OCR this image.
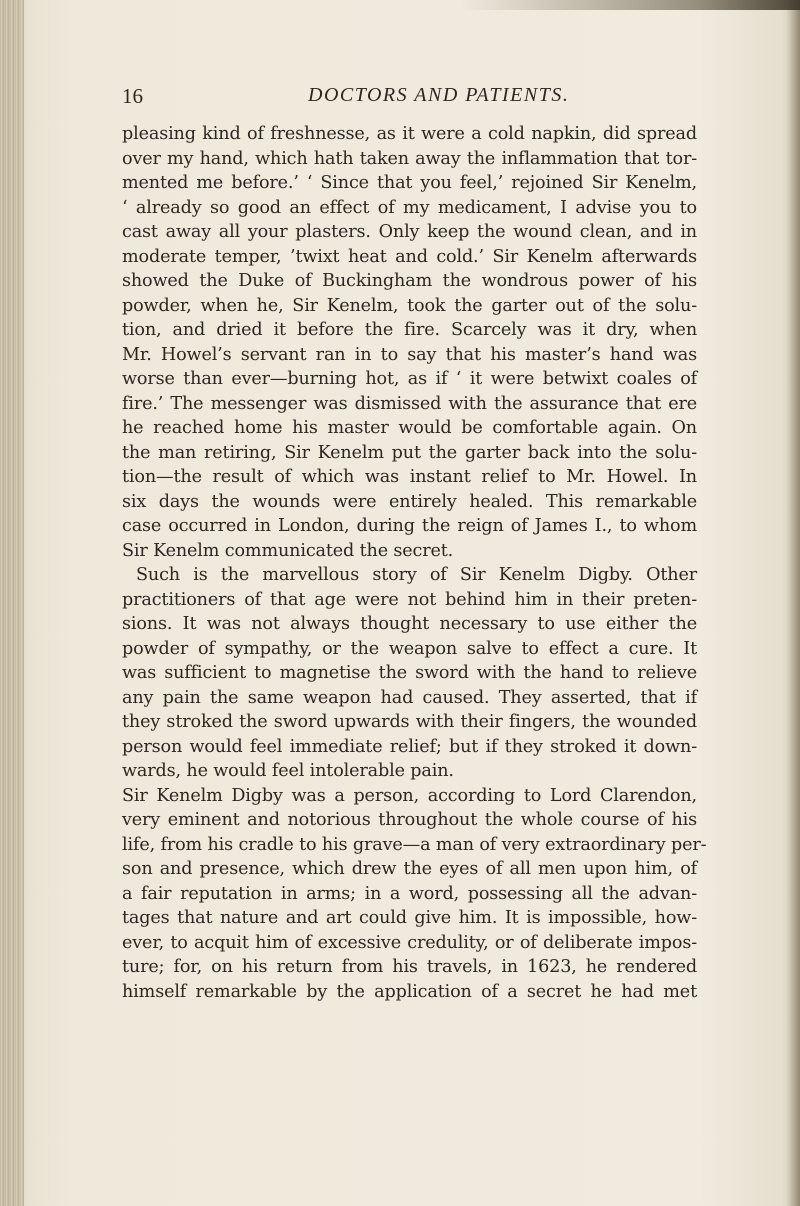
16	DOCTORS AND PATIENTS.
pleasing kind of freshnesse, as it were a cold napkin, did spread
over my hand, which hath taken away the inflammation that tor-
mented me before.’ ‘ Since that you feel,’ rejoined Sir Kenelm,
‘ already so good an effect of my medicament, I advise you to
cast away all your plasters. Only keep the wound clean, and in
moderate temper, ’twixt heat and cold.’ Sir Kenelm afterwards
showed the Duke of Buckingham the wondrous power of his
powder, when he, Sir Kenelm, took the garter out of the solu-
tion, and dried it before the fire. Scarcely was it dry, when
Mr. Howel’s servant ran in to say that his master’s hand was
worse than ever—burning hot, as if ‘ it were betwixt coales of
fire.’ The messenger was dismissed with the assurance that ere
he reached home his master would be comfortable again. On
the man retiring, Sir Kenelm put the garter back into the solu-
tion—the result of which was instant relief to Mr. Howel. In
six days the wounds were entirely healed. This remarkable
case occurred in London, during the reign of James I., to whom
Sir Kenelm communicated the secret.
Such is the marvellous story of Sir Kenelm Digby. Other
practitioners of that age were not behind him in their preten-
sions. It was not always thought necessary to use either the
powder of sympathy, or the weapon salve to effect a cure. It
was sufficient to magnetise the sword with the hand to relieve
any pain the same weapon had caused. They asserted, that if
they stroked the sword upwards with their fingers, the wounded
person would feel immediate relief; but if they stroked it down-
wards, he would feel intolerable pain.
Sir Kenelm Digby was a person, according to Lord Clarendon,
very eminent and notorious throughout the whole course of his
life, from his cradle to his grave—a man of very extraordinary per-
son and presence, which drew the eyes of all men upon him, of
a fair reputation in arms; in a word, possessing all the advan-
tages that nature and art could give him. It is impossible, how-
ever, to acquit him of excessive credulity, or of deliberate impos-
ture; for, on his return from his travels, in 1623, he rendered
himself remarkable by the application of a secret he had met
